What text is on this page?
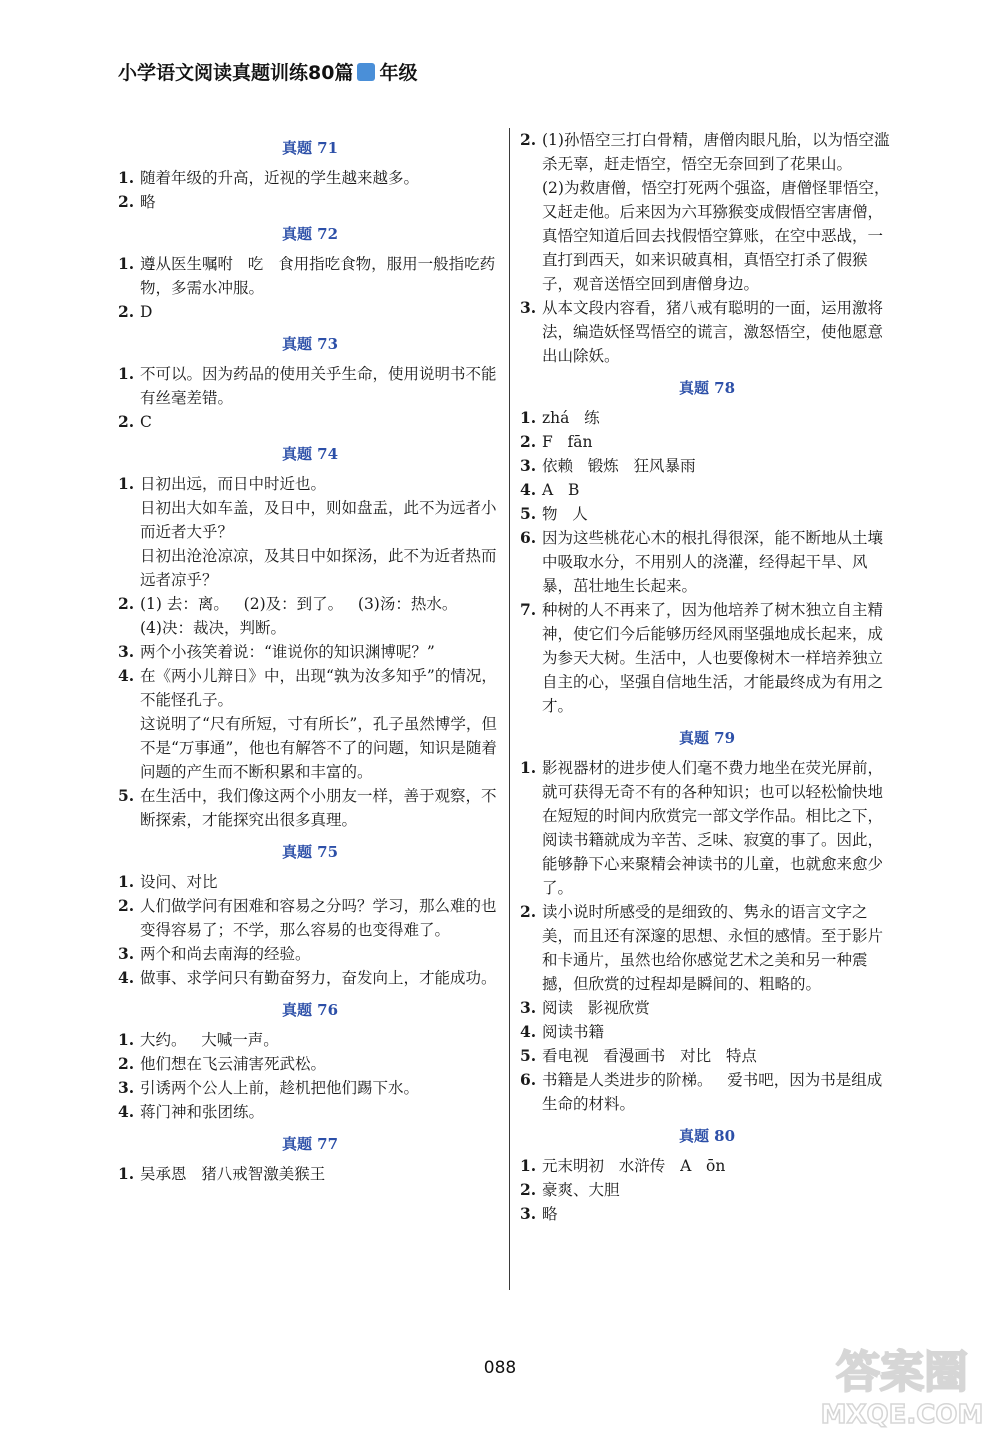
小学语文阅读真题训练80篇 年级
真题 71
1. 随着年级的升高，近视的学生越来越多。
2. 略
真题 72
1. 遵从医生嘱咐   吃   食用指吃食物，服用一般指吃药物，多需水冲服。
2. D
真题 73
1. 不可以。因为药品的使用关乎生命，使用说明书不能有丝毫差错。
2. C
真题 74
1. 日初出远，而日中时近也。
日初出大如车盖，及日中，则如盘盂，此不为远者小而近者大乎？
日初出沧沧凉凉，及其日中如探汤，此不为近者热而远者凉乎？
2. (1) 去：离。   (2)及：到了。   (3)汤：热水。
(4)决：裁决，判断。
3. 两个小孩笑着说：“谁说你的知识渊博呢？”
4. 在《两小儿辩日》中，出现“孰为汝多知乎”的情况，不能怪孔子。
这说明了“尺有所短，寸有所长”，孔子虽然博学，但不是“万事通”，他也有解答不了的问题，知识是随着问题的产生而不断积累和丰富的。
5. 在生活中，我们像这两个小朋友一样，善于观察，不断探索，才能探究出很多真理。
真题 75
1. 设问、对比
2. 人们做学问有困难和容易之分吗？学习，那么难的也变得容易了；不学，那么容易的也变得难了。
3. 两个和尚去南海的经验。
4. 做事、求学问只有勤奋努力，奋发向上，才能成功。
真题 76
1. 大约。   大喊一声。
2. 他们想在飞云浦害死武松。
3. 引诱两个公人上前，趁机把他们踢下水。
4. 蒋门神和张团练。
真题 77
1. 吴承恩   猪八戒智激美猴王
2. (1)孙悟空三打白骨精，唐僧肉眼凡胎，以为悟空滥杀无辜，赶走悟空，悟空无奈回到了花果山。
(2)为救唐僧，悟空打死两个强盗，唐僧怪罪悟空，又赶走他。后来因为六耳猕猴变成假悟空害唐僧，真悟空知道后回去找假悟空算账，在空中恶战，一直打到西天，如来识破真相，真悟空打杀了假猴子，观音送悟空回到唐僧身边。
3. 从本文段内容看，猪八戒有聪明的一面，运用激将法，编造妖怪骂悟空的谎言，激怒悟空，使他愿意出山除妖。
真题 78
1. zhá   练
2. F   fān
3. 依赖   锻炼   狂风暴雨
4. A   B
5. 物   人
6. 因为这些桃花心木的根扎得很深，能不断地从土壤中吸取水分，不用别人的浇灌，经得起干旱、风暴，茁壮地生长起来。
7. 种树的人不再来了，因为他培养了树木独立自主精神，使它们今后能够历经风雨坚强地成长起来，成为参天大树。生活中，人也要像树木一样培养独立自主的心，坚强自信地生活，才能最终成为有用之才。
真题 79
1. 影视器材的进步使人们毫不费力地坐在荧光屏前，就可获得无奇不有的各种知识；也可以轻松愉快地在短短的时间内欣赏完一部文学作品。相比之下，阅读书籍就成为辛苦、乏味、寂寞的事了。因此，能够静下心来聚精会神读书的儿童，也就愈来愈少了。
2. 读小说时所感受的是细致的、隽永的语言文字之美，而且还有深邃的思想、永恒的感情。至于影片和卡通片，虽然也给你感觉艺术之美和另一种震撼，但欣赏的过程却是瞬间的、粗略的。
3. 阅读   影视欣赏
4. 阅读书籍
5. 看电视   看漫画书   对比   特点
6. 书籍是人类进步的阶梯。   爱书吧，因为书是组成生命的材料。
真题 80
1. 元末明初   水浒传   A   ōn
2. 豪爽、大胆
3. 略
088	答案圈
MXQE.COM
